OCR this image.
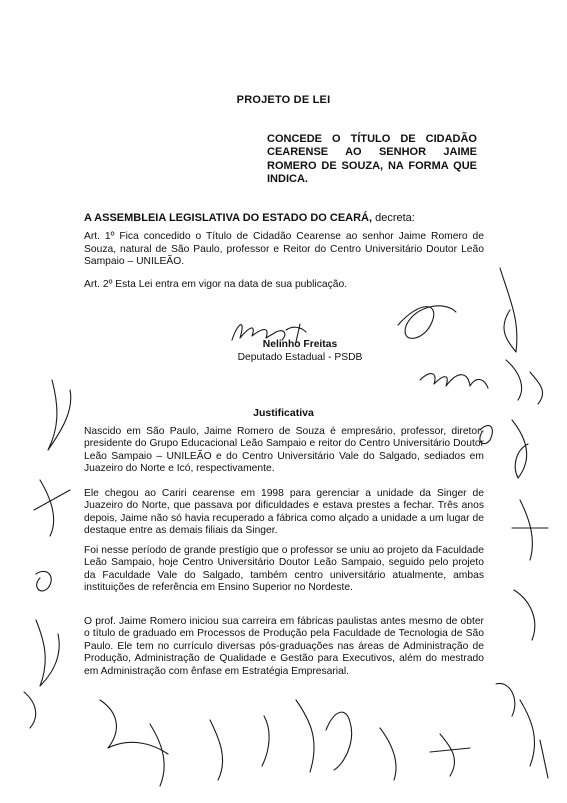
PROJETO DE LEI
CONCEDE O TÍTULO DE CIDADÃO CEARENSE AO SENHOR JAIME ROMERO DE SOUZA, NA FORMA QUE INDICA.
A ASSEMBLEIA LEGISLATIVA DO ESTADO DO CEARÁ, decreta:
Art. 1º Fica concedido o Título de Cidadão Cearense ao senhor Jaime Romero de Souza, natural de São Paulo, professor e Reitor do Centro Universitário Doutor Leão Sampaio – UNILEÃO.
Art. 2º Esta Lei entra em vigor na data de sua publicação.
Nelinho Freitas
Deputado Estadual - PSDB
Justificativa
Nascido em São Paulo, Jaime Romero de Souza é empresário, professor, diretor-presidente do Grupo Educacional Leão Sampaio e reitor do Centro Universitário Doutor Leão Sampaio – UNILEÃO e do Centro Universitário Vale do Salgado, sediados em Juazeiro do Norte e Icó, respectivamente.
Ele chegou ao Cariri cearense em 1998 para gerenciar a unidade da Singer de Juazeiro do Norte, que passava por dificuldades e estava prestes a fechar. Três anos depois, Jaime não só havia recuperado a fábrica como alçado a unidade a um lugar de destaque entre as demais filiais da Singer.
Foi nesse período de grande prestígio que o professor se uniu ao projeto da Faculdade Leão Sampaio, hoje Centro Universitário Doutor Leão Sampaio, seguido pelo projeto da Faculdade Vale do Salgado, também centro universitário atualmente, ambas instituições de referência em Ensino Superior no Nordeste.
O prof. Jaime Romero iniciou sua carreira em fábricas paulistas antes mesmo de obter o título de graduado em Processos de Produção pela Faculdade de Tecnologia de São Paulo. Ele tem no currículo diversas pós-graduações nas áreas de Administração de Produção, Administração de Qualidade e Gestão para Executivos, além do mestrado em Administração com ênfase em Estratégia Empresarial.
